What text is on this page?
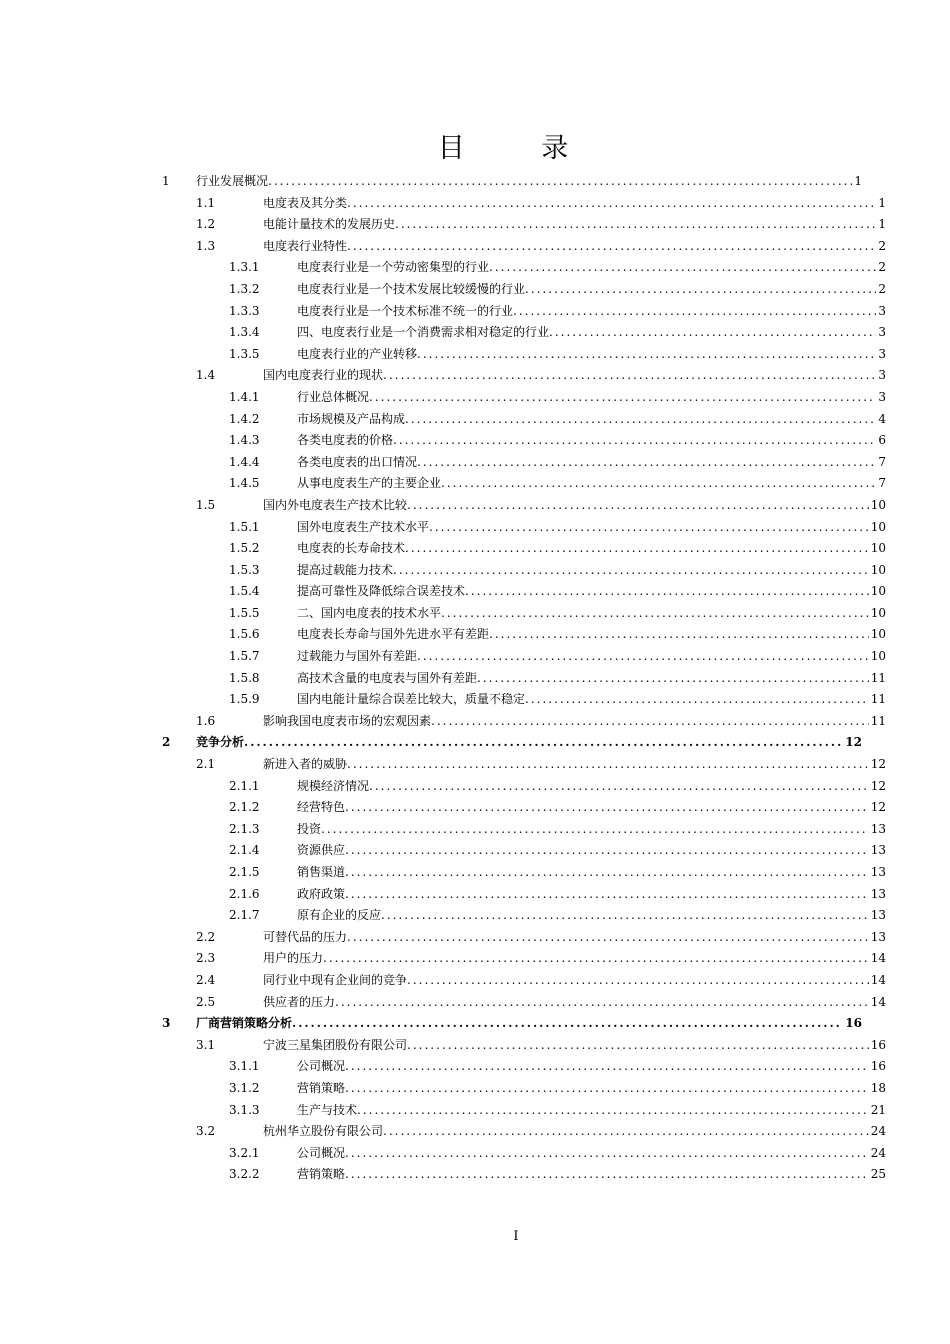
目 录
1 行业发展概况 .....	1
1.1	电度表及其分类 .....	1
1.2	电能计量技术的发展历史 .....	1
1.3	电度表行业特性 .....	2
1.3.1	电度表行业是一个劳动密集型的行业 .....	2
1.3.2	电度表行业是一个技术发展比较缓慢的行业 .....	2
1.3.3	电度表行业是一个技术标准不统一的行业 .....	3
1.3.4	四、电度表行业是一个消费需求相对稳定的行业 .....	3
1.3.5	电度表行业的产业转移 .....	3
1.4	国内电度表行业的现状 .....	3
1.4.1	行业总体概况 .....	3
1.4.2	市场规模及产品构成 .....	4
1.4.3	各类电度表的价格 .....	6
1.4.4	各类电度表的出口情况 .....	7
1.4.5	从事电度表生产的主要企业 .....	7
1.5	国内外电度表生产技术比较 .....	10
1.5.1	国外电度表生产技术水平 .....	10
1.5.2	电度表的长寿命技术 .....	10
1.5.3	提高过载能力技术 .....	10
1.5.4	提高可靠性及降低综合误差技术 .....	10
1.5.5	二、国内电度表的技术水平 .....	10
1.5.6	电度表长寿命与国外先进水平有差距 .....	10
1.5.7	过载能力与国外有差距 .....	10
1.5.8	高技术含量的电度表与国外有差距 .....	11
1.5.9	国内电能计量综合误差比较大，质量不稳定 .....	11
1.6	影响我国电度表市场的宏观因素 .....	11
2 竞争分析 .....	12
2.1	新进入者的威胁 .....	12
2.1.1	规模经济情况 .....	12
2.1.2	经营特色 .....	12
2.1.3	投资 .....	13
2.1.4	资源供应 .....	13
2.1.5	销售渠道 .....	13
2.1.6	政府政策 .....	13
2.1.7	原有企业的反应 .....	13
2.2	可替代品的压力 .....	13
2.3	用户的压力 .....	14
2.4	同行业中现有企业间的竞争 .....	14
2.5	供应者的压力 .....	14
3 厂商营销策略分析 .....	16
3.1	宁波三星集团股份有限公司 .....	16
3.1.1	公司概况 .....	16
3.1.2	营销策略 .....	18
3.1.3	生产与技术 .....	21
3.2	杭州华立股份有限公司 .....	24
3.2.1	公司概况 .....	24
3.2.2	营销策略 .....	25
I
